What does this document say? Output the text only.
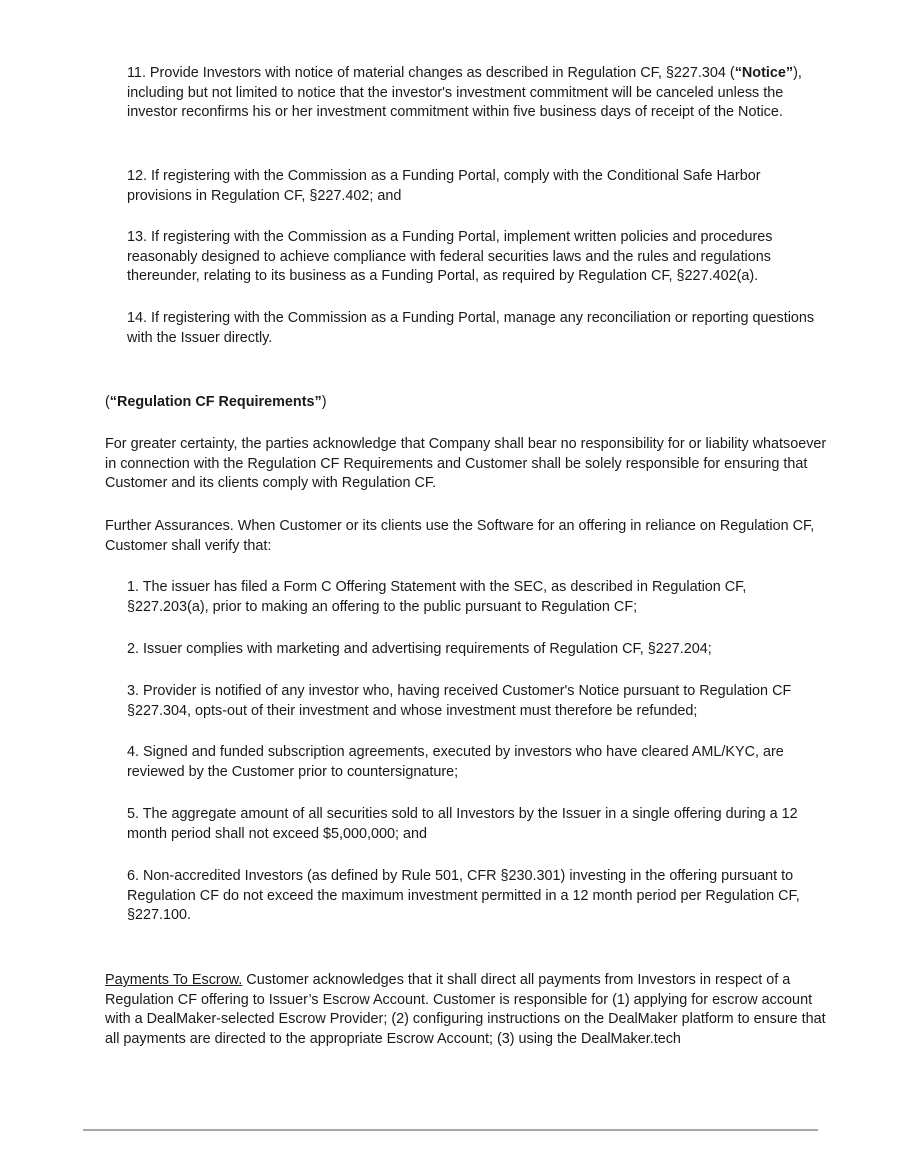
11. Provide Investors with notice of material changes as described in Regulation CF, §227.304 (“Notice”), including but not limited to notice that the investor's investment commitment will be canceled unless the investor reconfirms his or her investment commitment within five business days of receipt of the Notice.

12. If registering with the Commission as a Funding Portal, comply with the Conditional Safe Harbor provisions in Regulation CF, §227.402; and

13. If registering with the Commission as a Funding Portal, implement written policies and procedures reasonably designed to achieve compliance with federal securities laws and the rules and regulations thereunder, relating to its business as a Funding Portal, as required by Regulation CF, §227.402(a).

14. If registering with the Commission as a Funding Portal, manage any reconciliation or reporting questions with the Issuer directly.

(“Regulation CF Requirements”)

For greater certainty, the parties acknowledge that Company shall bear no responsibility for or liability whatsoever in connection with the Regulation CF Requirements and Customer shall be solely responsible for ensuring that Customer and its clients comply with Regulation CF.

Further Assurances. When Customer or its clients use the Software for an offering in reliance on Regulation CF, Customer shall verify that:

1. The issuer has filed a Form C Offering Statement with the SEC, as described in Regulation CF, §227.203(a), prior to making an offering to the public pursuant to Regulation CF;

2. Issuer complies with marketing and advertising requirements of Regulation CF, §227.204;

3. Provider is notified of any investor who, having received Customer's Notice pursuant to Regulation CF §227.304, opts-out of their investment and whose investment must therefore be refunded;

4. Signed and funded subscription agreements, executed by investors who have cleared AML/KYC, are reviewed by the Customer prior to countersignature;

5. The aggregate amount of all securities sold to all Investors by the Issuer in a single offering during a 12 month period shall not exceed $5,000,000; and

6. Non-accredited Investors (as defined by Rule 501, CFR §230.301) investing in the offering pursuant to Regulation CF do not exceed the maximum investment permitted in a 12 month period per Regulation CF, §227.100.

Payments To Escrow. Customer acknowledges that it shall direct all payments from Investors in respect of a Regulation CF offering to Issuer’s Escrow Account. Customer is responsible for (1) applying for escrow account with a DealMaker-selected Escrow Provider; (2) configuring instructions on the DealMaker platform to ensure that all payments are directed to the appropriate Escrow Account; (3) using the DealMaker.tech
